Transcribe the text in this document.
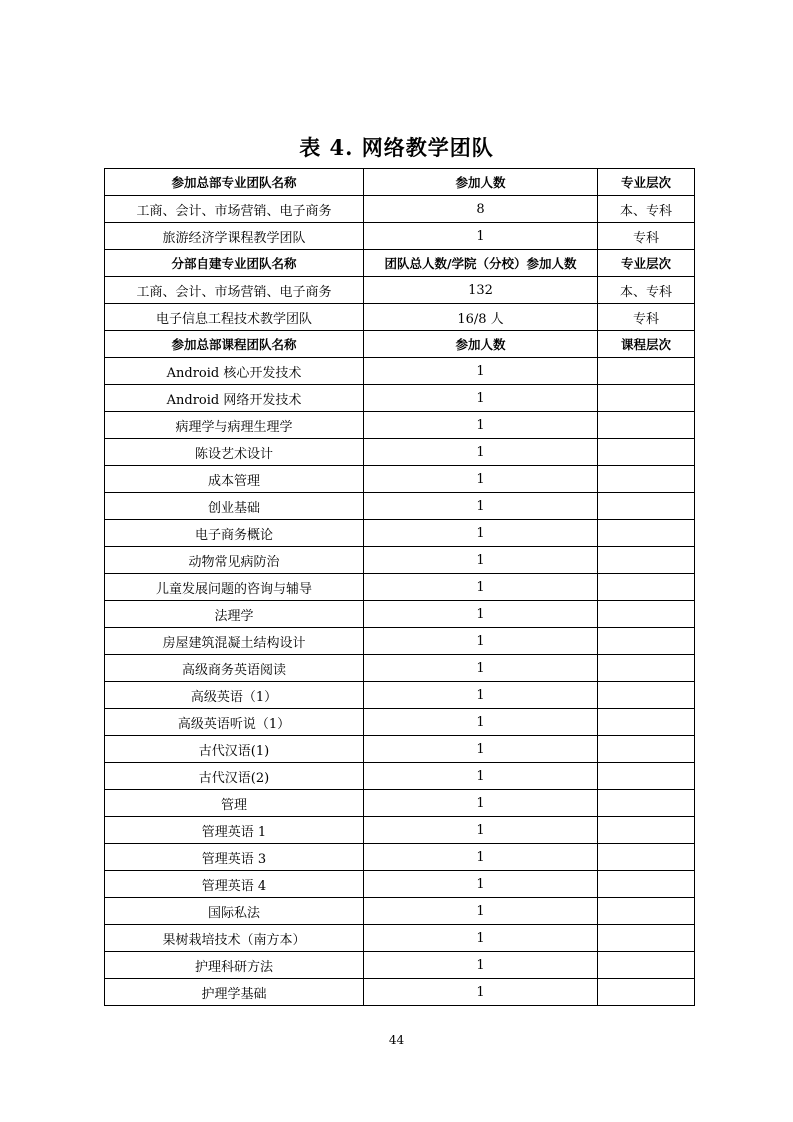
表 4. 网络教学团队
参加总部专业团队名称	参加人数	专业层次
工商、会计、市场营销、电子商务	8	本、专科
旅游经济学课程教学团队	1	专科
分部自建专业团队名称	团队总人数/学院（分校）参加人数	专业层次
工商、会计、市场营销、电子商务	132	本、专科
电子信息工程技术教学团队	16/8 人	专科
参加总部课程团队名称	参加人数	课程层次
Android 核心开发技术	1	
Android 网络开发技术	1	
病理学与病理生理学	1	
陈设艺术设计	1	
成本管理	1	
创业基础	1	
电子商务概论	1	
动物常见病防治	1	
儿童发展问题的咨询与辅导	1	
法理学	1	
房屋建筑混凝土结构设计	1	
高级商务英语阅读	1	
高级英语（1）	1	
高级英语听说（1）	1	
古代汉语(1)	1	
古代汉语(2)	1	
管理	1	
管理英语 1	1	
管理英语 3	1	
管理英语 4	1	
国际私法	1	
果树栽培技术（南方本）	1	
护理科研方法	1	
护理学基础	1	
44
